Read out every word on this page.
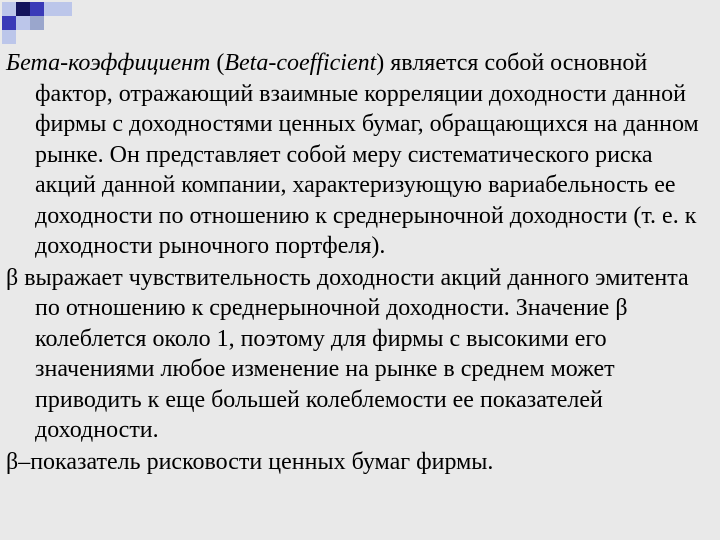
Бета-коэффициент (Beta-coefficient) является собой основной фактор, отражающий взаимные корреляции доходности данной фирмы с доходностями ценных бумаг, обращающихся на данном рынке. Он представляет собой меру систематического риска акций данной компании, характеризующую вариабельность ее доходности по отношению к среднерыночной доходности (т. е. к доходности рыночного портфеля).

β выражает чувствительность доходности акций данного эмитента по отношению к среднерыночной доходности. Значение β колеблется около 1, поэтому для фирмы с высокими его значениями любое изменение на рынке в среднем может приводить к еще большей колеблемости ее показателей доходности.

β–показатель рисковости ценных бумаг фирмы.
